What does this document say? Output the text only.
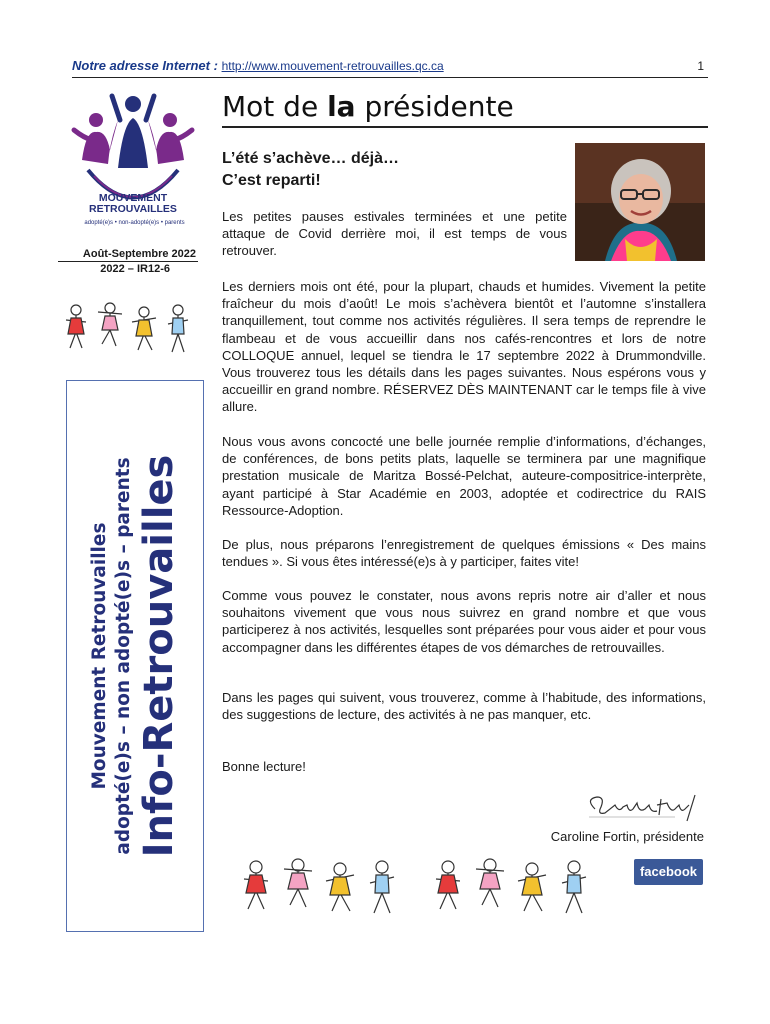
Notre adresse Internet : http://www.mouvement-retrouvailles.qc.ca	1
MOUVEMENT
RETROUVAILLES
adopté(e)s • non-adopté(e)s • parents
Août-Septembre 2022
2022 – IR12-6
Mouvement Retrouvailles adopté(e)s – non adopté(e)s – parents Info-Retrouvailles
Mot de la présidente
L’été s’achève… déjà…
C’est reparti!

Les petites pauses estivales terminées et une petite attaque de Covid derrière moi, il est temps de vous retrouver.

Les derniers mois ont été, pour la plupart, chauds et humides. Vivement la petite fraîcheur du mois d’août! Le mois s’achèvera bientôt et l’automne s’installera tranquillement, tout comme nos activités régulières. Il sera temps de reprendre le flambeau et de vous accueillir dans nos cafés-rencontres et lors de notre COLLOQUE annuel, lequel se tiendra le 17 septembre 2022 à Drummondville. Vous trouverez tous les détails dans les pages suivantes. Nous espérons vous y accueillir en grand nombre. RÉSERVEZ DÈS MAINTENANT car le temps file à vive allure.

Nous vous avons concocté une belle journée remplie d’informations, d’échanges, de conférences, de bons petits plats, laquelle se terminera par une magnifique prestation musicale de Maritza Bossé-Pelchat, auteure-compositrice-interprète, ayant participé à Star Académie en 2003, adoptée et codirectrice du RAIS Ressource-Adoption.

De plus, nous préparons l’enregistrement de quelques émissions « Des mains tendues ». Si vous êtes intéressé(e)s à y participer, faites vite!

Comme vous pouvez le constater, nous avons repris notre air d’aller et nous souhaitons vivement que vous nous suivrez en grand nombre et que vous participerez à nos activités, lesquelles sont préparées pour vous aider et pour vous accompagner dans les différentes étapes de vos démarches de retrouvailles.

Dans les pages qui suivent, vous trouverez, comme à l’habitude, des informations, des suggestions de lecture, des activités à ne pas manquer, etc.

Bonne lecture!

Caroline Fortin, présidente
facebook
